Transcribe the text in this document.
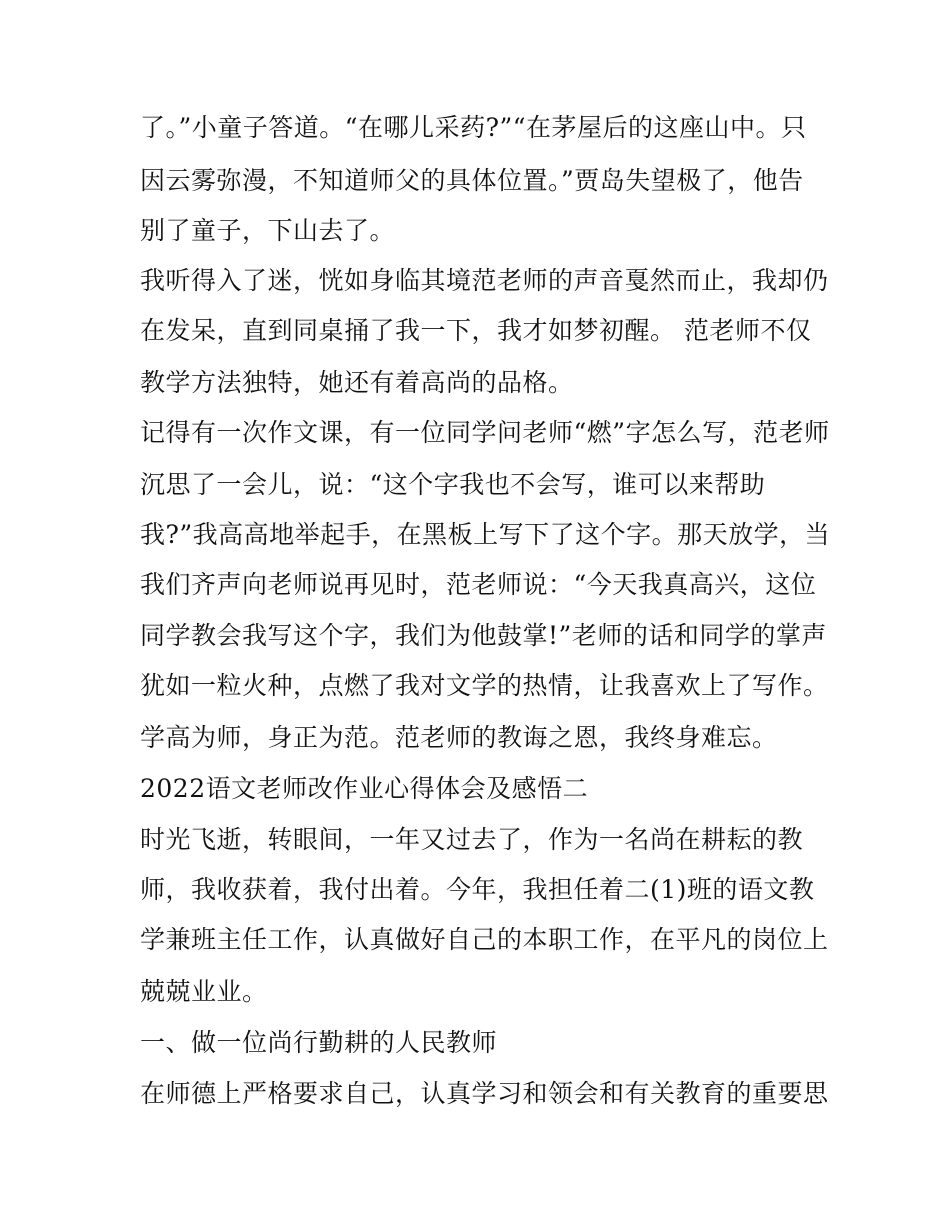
了。”小童子答道。“在哪儿采药?”“在茅屋后的这座山中。只
因云雾弥漫，不知道师父的具体位置。”贾岛失望极了，他告
别了童子，下山去了。
我听得入了迷，恍如身临其境范老师的声音戛然而止，我却仍
在发呆，直到同桌捅了我一下，我才如梦初醒。 范老师不仅
教学方法独特，她还有着高尚的品格。
记得有一次作文课，有一位同学问老师“燃”字怎么写，范老师
沉思了一会儿，说：“这个字我也不会写，谁可以来帮助
我?”我高高地举起手，在黑板上写下了这个字。那天放学，当
我们齐声向老师说再见时，范老师说：“今天我真高兴，这位
同学教会我写这个字，我们为他鼓掌!”老师的话和同学的掌声
犹如一粒火种，点燃了我对文学的热情，让我喜欢上了写作。
学高为师，身正为范。范老师的教诲之恩，我终身难忘。
2022语文老师改作业心得体会及感悟二
时光飞逝，转眼间，一年又过去了，作为一名尚在耕耘的教
师，我收获着，我付出着。今年，我担任着二(1)班的语文教
学兼班主任工作，认真做好自己的本职工作，在平凡的岗位上
兢兢业业。
一、做一位尚行勤耕的人民教师
在师德上严格要求自己，认真学习和领会和有关教育的重要思
